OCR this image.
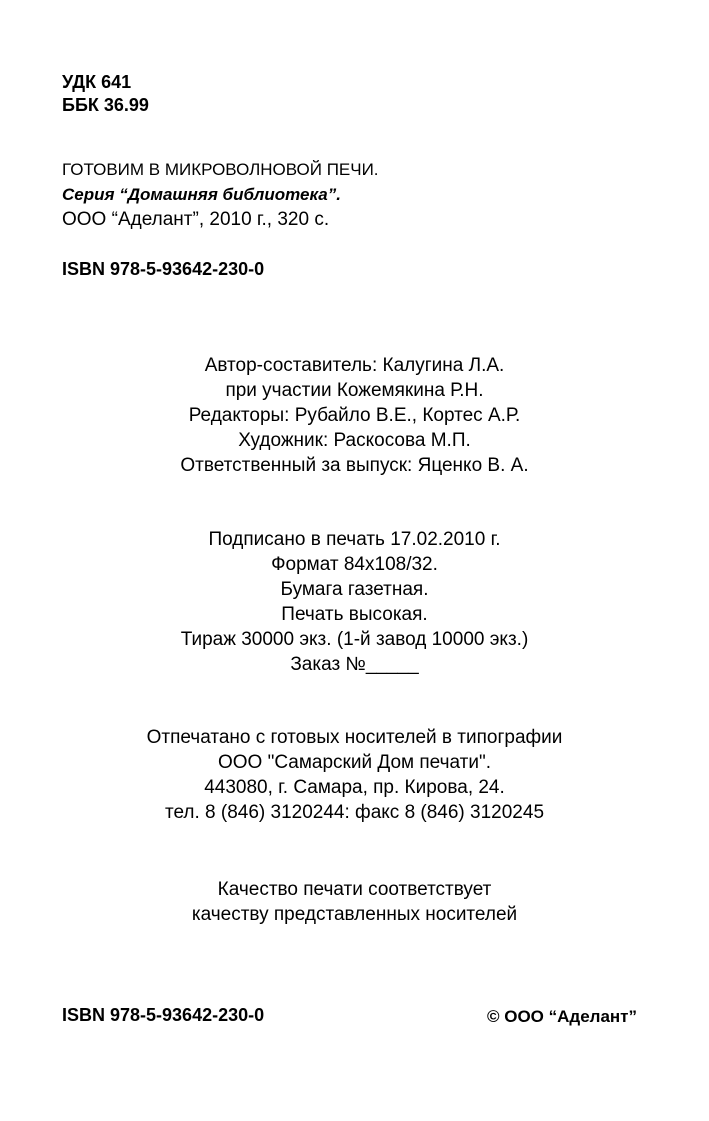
УДК 641
ББК 36.99
ГОТОВИМ В МИКРОВОЛНОВОЙ ПЕЧИ.
Серия “Домашняя библиотека”.
ООО “Аделант”, 2010 г., 320 с.
ISBN 978-5-93642-230-0
Автор-составитель: Калугина Л.А.
при участии Кожемякина Р.Н.
Редакторы: Рубайло В.Е., Кортес А.Р.
Художник: Раскосова М.П.
Ответственный за выпуск: Яценко В. А.
Подписано в печать 17.02.2010 г.
Формат 84x108/32.
Бумага газетная.
Печать высокая.
Тираж 30000 экз. (1-й завод 10000 экз.)
Заказ №_____
Отпечатано с готовых носителей в типографии
ООО "Самарский Дом печати".
443080, г. Самара, пр. Кирова, 24.
тел. 8 (846) 3120244: факс 8 (846) 3120245
Качество печати соответствует
качеству представленных носителей
ISBN 978-5-93642-230-0	© ООО “Аделант”
